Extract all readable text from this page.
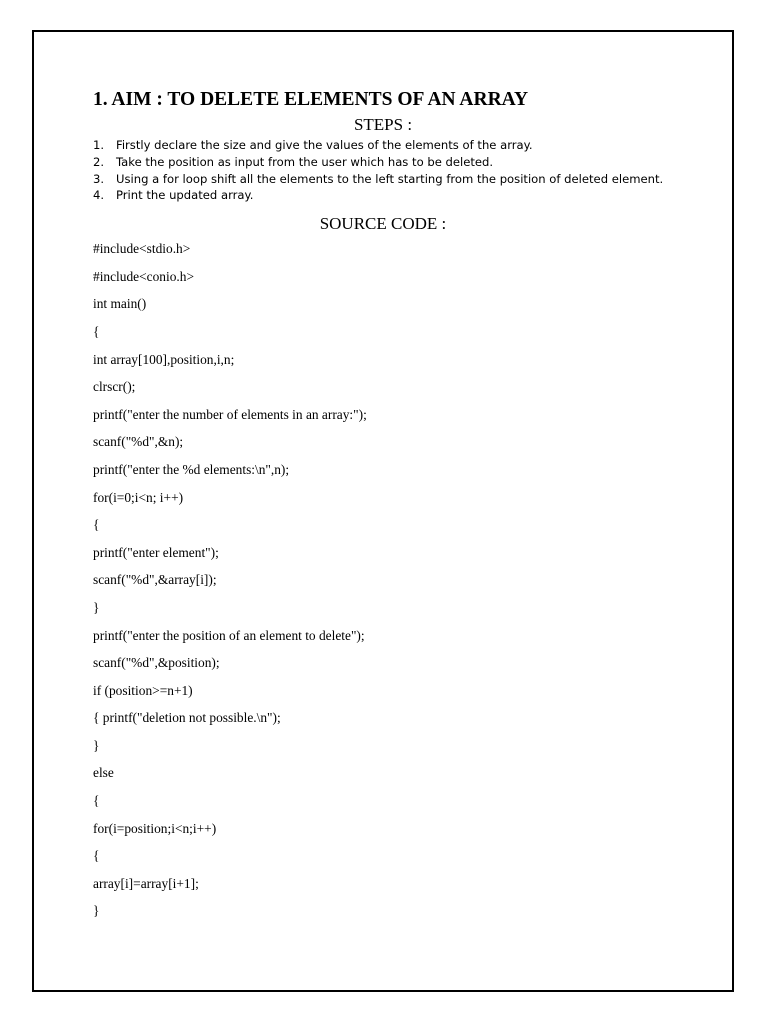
1. AIM : TO DELETE ELEMENTS OF AN ARRAY
STEPS :
1.	Firstly declare the size and give the values of the elements of the array.
2.	Take the position as input from the user which has to be deleted.
3.	Using a for loop shift all the elements to the left starting from the position of deleted element.
4.	Print the updated array.
SOURCE CODE :
#include<stdio.h>
#include<conio.h>
int main()
{
int array[100],position,i,n;
clrscr();
printf("enter the number of elements in an array:");
scanf("%d",&n);
printf("enter the %d elements:\n",n);
for(i=0;i<n; i++)
{
printf("enter element");
scanf("%d",&array[i]);
}
printf("enter the position of an element to delete");
scanf("%d",&position);
if (position>=n+1)
{ printf("deletion not possible.\n");
}
else
{
for(i=position;i<n;i++)
{
array[i]=array[i+1];
}
